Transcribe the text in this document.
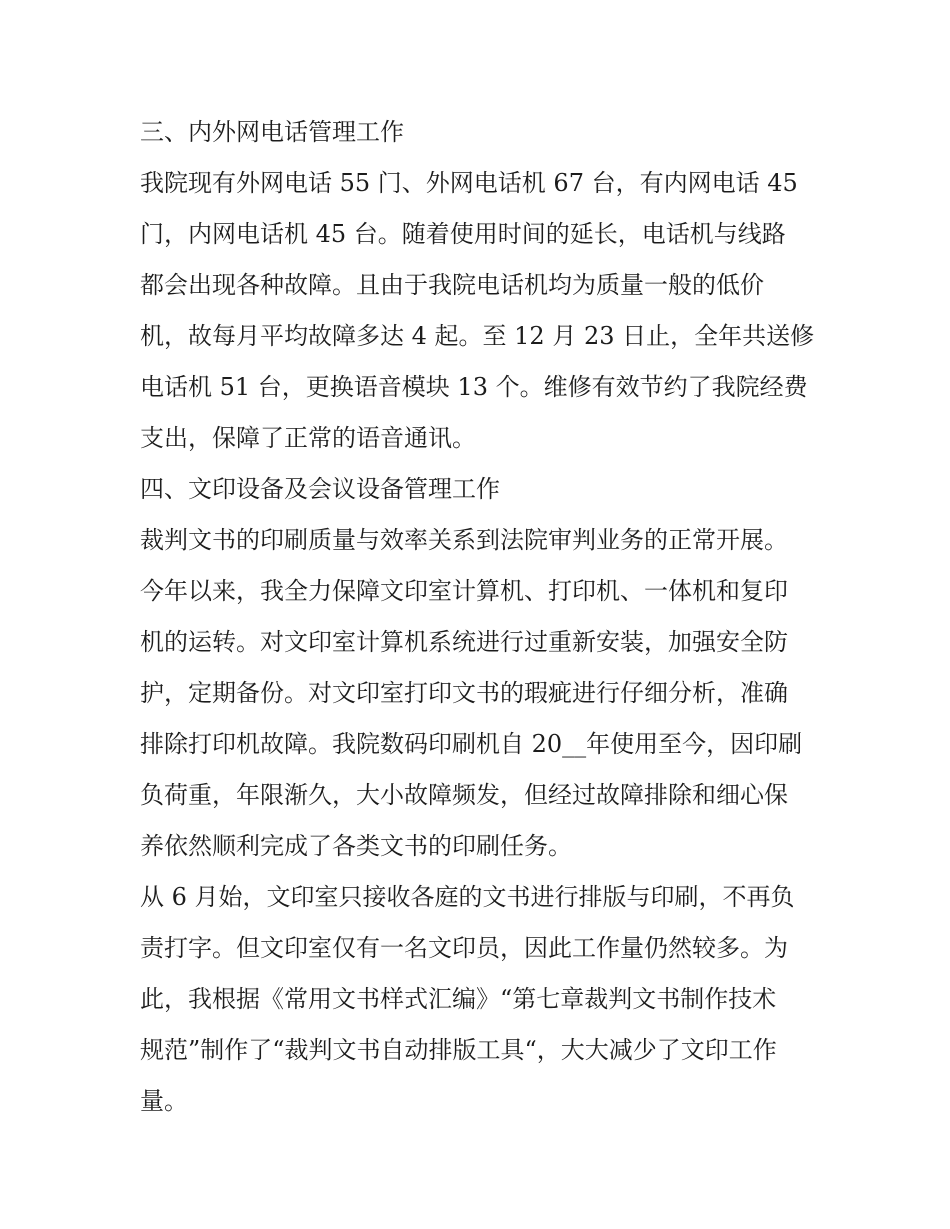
三、内外网电话管理工作
我院现有外网电话 55 门、外网电话机 67 台，有内网电话 45
门，内网电话机 45 台。随着使用时间的延长，电话机与线路
都会出现各种故障。且由于我院电话机均为质量一般的低价
机，故每月平均故障多达 4 起。至 12 月 23 日止，全年共送修
电话机 51 台，更换语音模块 13 个。维修有效节约了我院经费
支出，保障了正常的语音通讯。
四、文印设备及会议设备管理工作
裁判文书的印刷质量与效率关系到法院审判业务的正常开展。
今年以来，我全力保障文印室计算机、打印机、一体机和复印
机的运转。对文印室计算机系统进行过重新安装，加强安全防
护，定期备份。对文印室打印文书的瑕疵进行仔细分析，准确
排除打印机故障。我院数码印刷机自 20__年使用至今，因印刷
负荷重，年限渐久，大小故障频发，但经过故障排除和细心保
养依然顺利完成了各类文书的印刷任务。
从 6 月始，文印室只接收各庭的文书进行排版与印刷，不再负
责打字。但文印室仅有一名文印员，因此工作量仍然较多。为
此，我根据《常用文书样式汇编》“第七章裁判文书制作技术
规范”制作了“裁判文书自动排版工具“，大大减少了文印工作
量。
